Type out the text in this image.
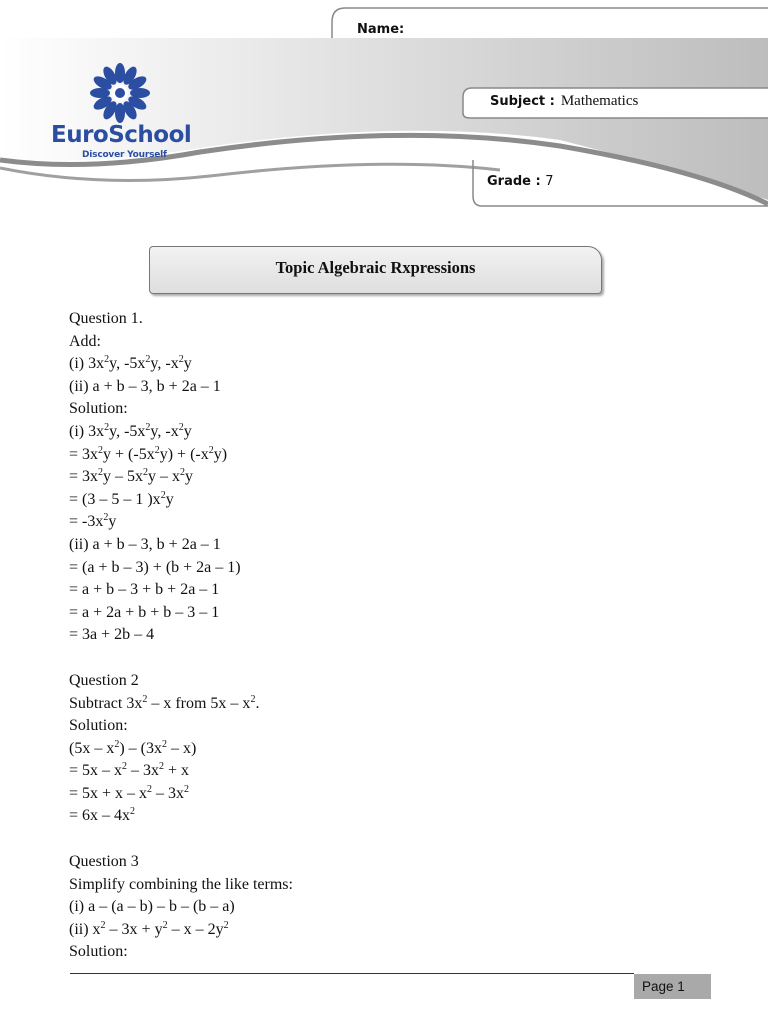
EuroSchool
Discover Yourself
Name:
Subject : Mathematics
Grade : 7
Topic Algebraic Rxpressions
Question 1.
Add:
(i) $3x^2y$, $-5x^2y$, $-x^2y$
(ii) a + b – 3, b + 2a – 1
Solution:
(i) $3x^2y$, $-5x^2y$, $-x^2y$
= $3x^2y + (-5x^2y) + (-x^2y)$
= $3x^2y - 5x^2y - x^2y$
= (3 – 5 – 1 )$x^2y$
= $-3x^2y$
(ii) a + b – 3, b + 2a – 1
= (a + b – 3) + (b + 2a – 1)
= a + b – 3 + b + 2a – 1
= a + 2a + b + b – 3 – 1
= 3a + 2b – 4
Question 2
Subtract $3x^2$ – x from $5x - x^2$.
Solution:
$(5x - x^2) - (3x^2 - x)$
= $5x - x^2 - 3x^2 + x$
= $5x + x - x^2 - 3x^2$
= $6x - 4x^2$
Question 3
Simplify combining the like terms:
(i) a – (a – b) – b – (b – a)
(ii) $x^2 - 3x + y^2 - x - 2y^2$
Solution:
Page 1
